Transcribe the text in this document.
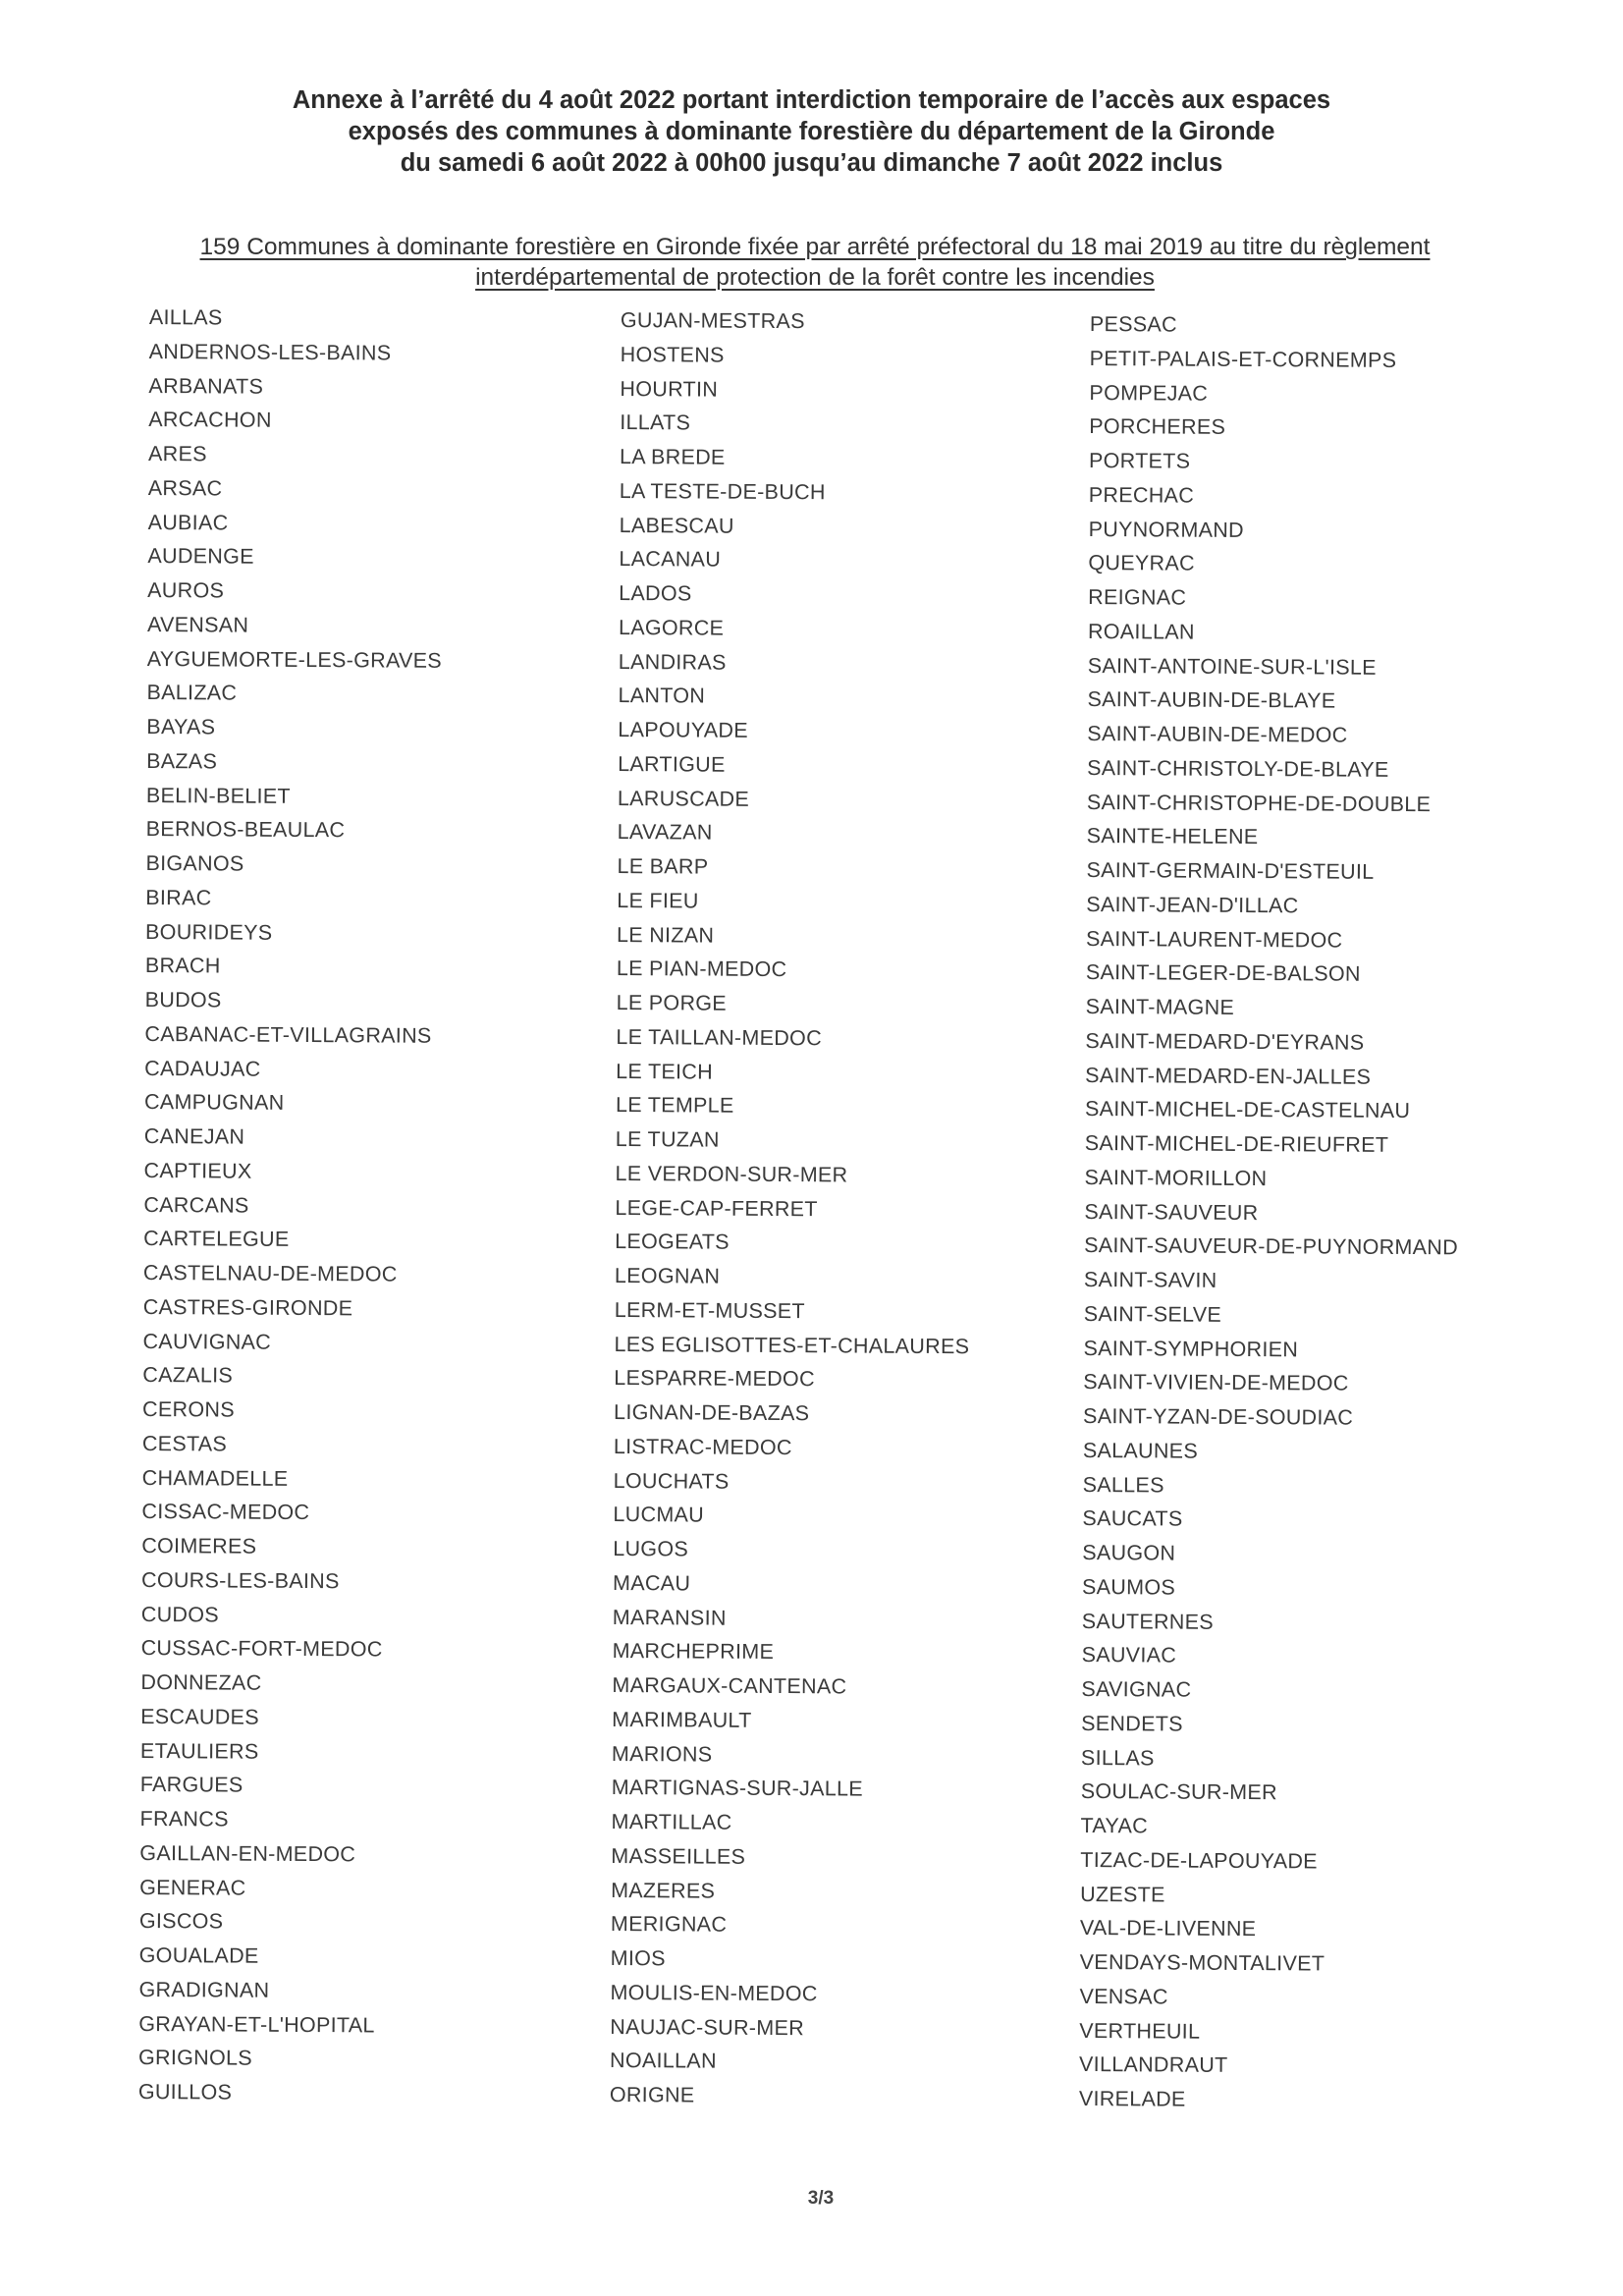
Annexe à l’arrêté du 4 août 2022 portant interdiction temporaire de l’accès aux espaces
exposés des communes à dominante forestière du département de la Gironde
du samedi 6 août 2022 à 00h00 jusqu’au dimanche 7 août 2022 inclus
159 Communes à dominante forestière en Gironde fixée par arrêté préfectoral du 18 mai 2019 au titre du règlement
interdépartemental de protection de la forêt contre les incendies
AILLAS
ANDERNOS-LES-BAINS
ARBANATS
ARCACHON
ARES
ARSAC
AUBIAC
AUDENGE
AUROS
AVENSAN
AYGUEMORTE-LES-GRAVES
BALIZAC
BAYAS
BAZAS
BELIN-BELIET
BERNOS-BEAULAC
BIGANOS
BIRAC
BOURIDEYS
BRACH
BUDOS
CABANAC-ET-VILLAGRAINS
CADAUJAC
CAMPUGNAN
CANEJAN
CAPTIEUX
CARCANS
CARTELEGUE
CASTELNAU-DE-MEDOC
CASTRES-GIRONDE
CAUVIGNAC
CAZALIS
CERONS
CESTAS
CHAMADELLE
CISSAC-MEDOC
COIMERES
COURS-LES-BAINS
CUDOS
CUSSAC-FORT-MEDOC
DONNEZAC
ESCAUDES
ETAULIERS
FARGUES
FRANCS
GAILLAN-EN-MEDOC
GENERAC
GISCOS
GOUALADE
GRADIGNAN
GRAYAN-ET-L'HOPITAL
GRIGNOLS
GUILLOS
GUJAN-MESTRAS
HOSTENS
HOURTIN
ILLATS
LA BREDE
LA TESTE-DE-BUCH
LABESCAU
LACANAU
LADOS
LAGORCE
LANDIRAS
LANTON
LAPOUYADE
LARTIGUE
LARUSCADE
LAVAZAN
LE BARP
LE FIEU
LE NIZAN
LE PIAN-MEDOC
LE PORGE
LE TAILLAN-MEDOC
LE TEICH
LE TEMPLE
LE TUZAN
LE VERDON-SUR-MER
LEGE-CAP-FERRET
LEOGEATS
LEOGNAN
LERM-ET-MUSSET
LES EGLISOTTES-ET-CHALAURES
LESPARRE-MEDOC
LIGNAN-DE-BAZAS
LISTRAC-MEDOC
LOUCHATS
LUCMAU
LUGOS
MACAU
MARANSIN
MARCHEPRIME
MARGAUX-CANTENAC
MARIMBAULT
MARIONS
MARTIGNAS-SUR-JALLE
MARTILLAC
MASSEILLES
MAZERES
MERIGNAC
MIOS
MOULIS-EN-MEDOC
NAUJAC-SUR-MER
NOAILLAN
ORIGNE
PESSAC
PETIT-PALAIS-ET-CORNEMPS
POMPEJAC
PORCHERES
PORTETS
PRECHAC
PUYNORMAND
QUEYRAC
REIGNAC
ROAILLAN
SAINT-ANTOINE-SUR-L'ISLE
SAINT-AUBIN-DE-BLAYE
SAINT-AUBIN-DE-MEDOC
SAINT-CHRISTOLY-DE-BLAYE
SAINT-CHRISTOPHE-DE-DOUBLE
SAINTE-HELENE
SAINT-GERMAIN-D'ESTEUIL
SAINT-JEAN-D'ILLAC
SAINT-LAURENT-MEDOC
SAINT-LEGER-DE-BALSON
SAINT-MAGNE
SAINT-MEDARD-D'EYRANS
SAINT-MEDARD-EN-JALLES
SAINT-MICHEL-DE-CASTELNAU
SAINT-MICHEL-DE-RIEUFRET
SAINT-MORILLON
SAINT-SAUVEUR
SAINT-SAUVEUR-DE-PUYNORMAND
SAINT-SAVIN
SAINT-SELVE
SAINT-SYMPHORIEN
SAINT-VIVIEN-DE-MEDOC
SAINT-YZAN-DE-SOUDIAC
SALAUNES
SALLES
SAUCATS
SAUGON
SAUMOS
SAUTERNES
SAUVIAC
SAVIGNAC
SENDETS
SILLAS
SOULAC-SUR-MER
TAYAC
TIZAC-DE-LAPOUYADE
UZESTE
VAL-DE-LIVENNE
VENDAYS-MONTALIVET
VENSAC
VERTHEUIL
VILLANDRAUT
VIRELADE
3/3
